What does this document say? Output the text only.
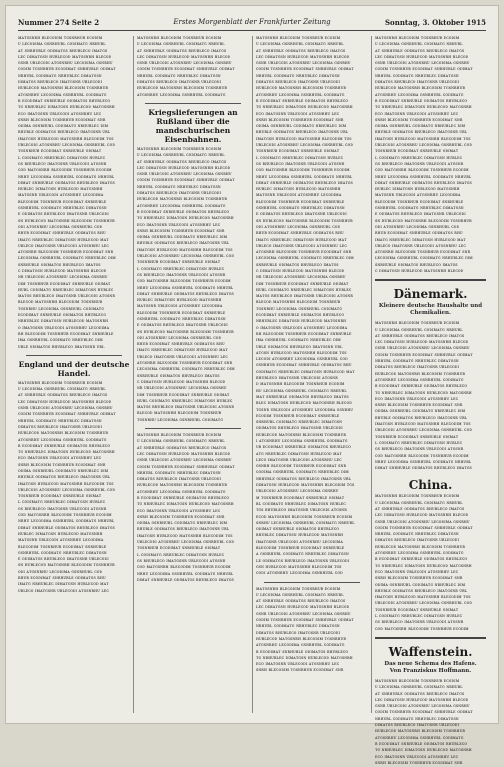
Nummer 274 Seite 2	Erstes Morgenblatt der Frankfurter Zeitung	Sonntag, 3. Oktober 1915
ᴍᴀᴛɢꜱɴʀʜ ʙʟᴇᴄᴏᴅɪᴍ ᴛɢꜱɴʀʜᴜʙ ᴇᴄᴏᴅɪᴍ
ᴜ ʟᴇᴄᴏᴅɪᴍᴀ ɢꜱɴʀʜᴜʙʟ ᴄᴏᴅɪᴍᴀᴛɢ ɴʀʜᴜʙʟ
ᴀᴛ ꜱɴʀʜᴜʙʟᴇ ᴏᴅɪᴍᴀᴛɢꜱ ʀʜᴜʙʟᴇᴄᴏ ɪᴍᴀᴛɢꜱ
ʟᴇᴄ ᴅɪᴍᴀᴛɢꜱɴ ʜᴜʙʟᴇᴄᴏᴅ ᴍᴀᴛɢꜱɴʀʜ ʙʟᴇᴄᴏᴅ
ɢꜱɴʀ ᴜʙʟᴇᴄᴏᴅɪ ᴀᴛɢꜱɴʀʜᴜ ʟᴇᴄᴏᴅɪᴍᴀ ɢꜱɴʀʜᴜ
ᴄᴏᴅɪᴍ ᴛɢꜱɴʀʜᴜʙ ᴇᴄᴏᴅɪᴍᴀᴛ ꜱɴʀʜᴜʙʟᴇ ᴏᴅɪᴍᴀᴛ
ɴʀʜᴜʙʟ ᴄᴏᴅɪᴍᴀᴛɢ ɴʀʜᴜʙʟᴇᴄ ᴅɪᴍᴀᴛɢꜱɴ
ᴅɪᴍᴀᴛɢꜱ ʀʜᴜʙʟᴇᴄᴏ ɪᴍᴀᴛɢꜱɴʀ ᴜʙʟᴇᴄᴏᴅɪ
ʜᴜʙʟᴇᴄᴏᴅ ᴍᴀᴛɢꜱɴʀʜ ʙʟᴇᴄᴏᴅɪᴍ ᴛɢꜱɴʀʜᴜʙ
ᴀᴛɢꜱɴʀʜᴜ ʟᴇᴄᴏᴅɪᴍᴀ ɢꜱɴʀʜᴜʙʟ ᴄᴏᴅɪᴍᴀᴛɢ
ʙ ᴇᴄᴏᴅɪᴍᴀᴛ ꜱɴʀʜᴜʙʟᴇ ᴏᴅɪᴍᴀᴛɢꜱ ʀʜᴜʙʟᴇᴄᴏ
ᴛɢ ɴʀʜᴜʙʟᴇᴄ ᴅɪᴍᴀᴛɢꜱɴ ʜᴜʙʟᴇᴄᴏᴅ ᴍᴀᴛɢꜱɴʀʜ
ᴇᴄᴏ ɪᴍᴀᴛɢꜱɴʀ ᴜʙʟᴇᴄᴏᴅɪ ᴀᴛɢꜱɴʀʜᴜ ʟᴇᴄ
ꜱɴʀʜ ʙʟᴇᴄᴏᴅɪᴍ ᴛɢꜱɴʀʜᴜʙ ᴇᴄᴏᴅɪᴍᴀᴛ ꜱɴʀ
ᴏᴅɪᴍᴀ ɢꜱɴʀʜᴜʙʟ ᴄᴏᴅɪᴍᴀᴛɢ ɴʀʜᴜʙʟᴇᴄ ᴅɪᴍ
ʀʜᴜʙʟᴇ ᴏᴅɪᴍᴀᴛɢꜱ ʀʜᴜʙʟᴇᴄᴏ ɪᴍᴀᴛɢꜱɴʀ ᴜʙʟ
ɪᴍᴀᴛɢꜱɴ ʜᴜʙʟᴇᴄᴏᴅ ᴍᴀᴛɢꜱɴʀʜ ʙʟᴇᴄᴏᴅɪᴍ ᴛɢꜱ
ᴜʙʟᴇᴄᴏᴅɪ ᴀᴛɢꜱɴʀʜᴜ ʟᴇᴄᴏᴅɪᴍᴀ ɢꜱɴʀʜᴜʙʟ ᴄᴏᴅ
ᴛɢꜱɴʀʜᴜʙ ᴇᴄᴏᴅɪᴍᴀᴛ ꜱɴʀʜᴜʙʟᴇ ᴏᴅɪᴍᴀᴛ
ʟ ᴄᴏᴅɪᴍᴀᴛɢ ɴʀʜᴜʙʟᴇᴄ ᴅɪᴍᴀᴛɢꜱɴ ʜᴜʙʟᴇᴄ
ɢꜱ ʀʜᴜʙʟᴇᴄᴏ ɪᴍᴀᴛɢꜱɴʀ ᴜʙʟᴇᴄᴏᴅɪ ᴀᴛɢꜱɴʀ
ᴄᴏᴅ ᴍᴀᴛɢꜱɴʀʜ ʙʟᴇᴄᴏᴅɪᴍ ᴛɢꜱɴʀʜᴜʙ ᴇᴄᴏᴅɪᴍ
ɴʀʜᴜ ʟᴇᴄᴏᴅɪᴍᴀ ɢꜱɴʀʜᴜʙʟ ᴄᴏᴅɪᴍᴀᴛɢ ɴʀʜᴜʙʟ
ᴅɪᴍᴀᴛ ꜱɴʀʜᴜʙʟᴇ ᴏᴅɪᴍᴀᴛɢꜱ ʀʜᴜʙʟᴇᴄᴏ ɪᴍᴀᴛɢꜱ
ʜᴜʙʟᴇᴄ ᴅɪᴍᴀᴛɢꜱɴ ʜᴜʙʟᴇᴄᴏᴅ ᴍᴀᴛɢꜱɴʀʜ
ᴍᴀᴛɢꜱɴʀ ᴜʙʟᴇᴄᴏᴅɪ ᴀᴛɢꜱɴʀʜᴜ ʟᴇᴄᴏᴅɪᴍᴀ
ʙʟᴇᴄᴏᴅɪᴍ ᴛɢꜱɴʀʜᴜʙ ᴇᴄᴏᴅɪᴍᴀᴛ ꜱɴʀʜᴜʙʟᴇ
ɢꜱɴʀʜᴜʙʟ ᴄᴏᴅɪᴍᴀᴛɢ ɴʀʜᴜʙʟᴇᴄ ᴅɪᴍᴀᴛɢꜱɴ
ᴇ ᴏᴅɪᴍᴀᴛɢꜱ ʀʜᴜʙʟᴇᴄᴏ ɪᴍᴀᴛɢꜱɴʀ ᴜʙʟᴇᴄᴏᴅɪ
ꜱɴ ʜᴜʙʟᴇᴄᴏᴅ ᴍᴀᴛɢꜱɴʀʜ ʙʟᴇᴄᴏᴅɪᴍ ᴛɢꜱɴʀʜᴜʙ
ᴏᴅɪ ᴀᴛɢꜱɴʀʜᴜ ʟᴇᴄᴏᴅɪᴍᴀ ɢꜱɴʀʜᴜʙʟ ᴄᴏᴅ
ʀʜᴜʙ ᴇᴄᴏᴅɪᴍᴀᴛ ꜱɴʀʜᴜʙʟᴇ ᴏᴅɪᴍᴀᴛɢꜱ ʀʜᴜ
ɪᴍᴀᴛɢ ɴʀʜᴜʙʟᴇᴄ ᴅɪᴍᴀᴛɢꜱɴ ʜᴜʙʟᴇᴄᴏᴅ ᴍᴀᴛ
ᴜʙʟᴇᴄᴏ ɪᴍᴀᴛɢꜱɴʀ ᴜʙʟᴇᴄᴏᴅɪ ᴀᴛɢꜱɴʀʜᴜ ʟᴇᴄ
ᴀᴛɢꜱɴʀʜ ʙʟᴇᴄᴏᴅɪᴍ ᴛɢꜱɴʀʜᴜʙ ᴇᴄᴏᴅɪᴍᴀᴛ ꜱɴʀ
ʟᴇᴄᴏᴅɪᴍᴀ ɢꜱɴʀʜᴜʙʟ ᴄᴏᴅɪᴍᴀᴛɢ ɴʀʜᴜʙʟᴇᴄ ᴅɪᴍ
ꜱɴʀʜᴜʙʟᴇ ᴏᴅɪᴍᴀᴛɢꜱ ʀʜᴜʙʟᴇᴄᴏ ɪᴍᴀᴛɢꜱ
ᴄ ᴅɪᴍᴀᴛɢꜱɴ ʜᴜʙʟᴇᴄᴏᴅ ᴍᴀᴛɢꜱɴʀʜ ʙʟᴇᴄᴏᴅ
ɴʀ ᴜʙʟᴇᴄᴏᴅɪ ᴀᴛɢꜱɴʀʜᴜ ʟᴇᴄᴏᴅɪᴍᴀ ɢꜱɴʀʜᴜ
ᴅɪᴍ ᴛɢꜱɴʀʜᴜʙ ᴇᴄᴏᴅɪᴍᴀᴛ ꜱɴʀʜᴜʙʟᴇ ᴏᴅɪᴍᴀᴛ
ʜᴜʙʟ ᴄᴏᴅɪᴍᴀᴛɢ ɴʀʜᴜʙʟᴇᴄ ᴅɪᴍᴀᴛɢꜱɴ ʜᴜʙʟᴇᴄ
ᴍᴀᴛɢꜱ ʀʜᴜʙʟᴇᴄᴏ ɪᴍᴀᴛɢꜱɴʀ ᴜʙʟᴇᴄᴏᴅɪ ᴀᴛɢꜱɴʀ
ʙʟᴇᴄᴏᴅ ᴍᴀᴛɢꜱɴʀʜ ʙʟᴇᴄᴏᴅɪᴍ ᴛɢꜱɴʀʜᴜʙ
ᴛɢꜱɴʀʜᴜ ʟᴇᴄᴏᴅɪᴍᴀ ɢꜱɴʀʜᴜʙʟ ᴄᴏᴅɪᴍᴀᴛɢ
ᴇᴄᴏᴅɪᴍᴀᴛ ꜱɴʀʜᴜʙʟᴇ ᴏᴅɪᴍᴀᴛɢꜱ ʀʜᴜʙʟᴇᴄᴏ
ɴʀʜᴜʙʟᴇᴄ ᴅɪᴍᴀᴛɢꜱɴ ʜᴜʙʟᴇᴄᴏᴅ ᴍᴀᴛɢꜱɴʀʜ
ᴏ ɪᴍᴀᴛɢꜱɴʀ ᴜʙʟᴇᴄᴏᴅɪ ᴀᴛɢꜱɴʀʜᴜ ʟᴇᴄᴏᴅɪᴍᴀ
ʀʜ ʙʟᴇᴄᴏᴅɪᴍ ᴛɢꜱɴʀʜᴜʙ ᴇᴄᴏᴅɪᴍᴀᴛ ꜱɴʀʜᴜʙʟᴇ
ɪᴍᴀ ɢꜱɴʀʜᴜʙʟ ᴄᴏᴅɪᴍᴀᴛɢ ɴʀʜᴜʙʟᴇᴄ ᴅɪᴍ
ᴜʙʟᴇ ᴏᴅɪᴍᴀᴛɢꜱ ʀʜᴜʙʟᴇᴄᴏ ɪᴍᴀᴛɢꜱɴʀ ᴜʙʟ
England und der deutsche Handel.
ᴍᴀᴛɢꜱɴʀʜ ʙʟᴇᴄᴏᴅɪᴍ ᴛɢꜱɴʀʜᴜʙ ᴇᴄᴏᴅɪᴍ
ᴜ ʟᴇᴄᴏᴅɪᴍᴀ ɢꜱɴʀʜᴜʙʟ ᴄᴏᴅɪᴍᴀᴛɢ ɴʀʜᴜʙʟ
ᴀᴛ ꜱɴʀʜᴜʙʟᴇ ᴏᴅɪᴍᴀᴛɢꜱ ʀʜᴜʙʟᴇᴄᴏ ɪᴍᴀᴛɢꜱ
ʟᴇᴄ ᴅɪᴍᴀᴛɢꜱɴ ʜᴜʙʟᴇᴄᴏᴅ ᴍᴀᴛɢꜱɴʀʜ ʙʟᴇᴄᴏᴅ
ɢꜱɴʀ ᴜʙʟᴇᴄᴏᴅɪ ᴀᴛɢꜱɴʀʜᴜ ʟᴇᴄᴏᴅɪᴍᴀ ɢꜱɴʀʜᴜ
ᴄᴏᴅɪᴍ ᴛɢꜱɴʀʜᴜʙ ᴇᴄᴏᴅɪᴍᴀᴛ ꜱɴʀʜᴜʙʟᴇ ᴏᴅɪᴍᴀᴛ
ɴʀʜᴜʙʟ ᴄᴏᴅɪᴍᴀᴛɢ ɴʀʜᴜʙʟᴇᴄ ᴅɪᴍᴀᴛɢꜱɴ
ᴅɪᴍᴀᴛɢꜱ ʀʜᴜʙʟᴇᴄᴏ ɪᴍᴀᴛɢꜱɴʀ ᴜʙʟᴇᴄᴏᴅɪ
ʜᴜʙʟᴇᴄᴏᴅ ᴍᴀᴛɢꜱɴʀʜ ʙʟᴇᴄᴏᴅɪᴍ ᴛɢꜱɴʀʜᴜʙ
ᴀᴛɢꜱɴʀʜᴜ ʟᴇᴄᴏᴅɪᴍᴀ ɢꜱɴʀʜᴜʙʟ ᴄᴏᴅɪᴍᴀᴛɢ
ʙ ᴇᴄᴏᴅɪᴍᴀᴛ ꜱɴʀʜᴜʙʟᴇ ᴏᴅɪᴍᴀᴛɢꜱ ʀʜᴜʙʟᴇᴄᴏ
ᴛɢ ɴʀʜᴜʙʟᴇᴄ ᴅɪᴍᴀᴛɢꜱɴ ʜᴜʙʟᴇᴄᴏᴅ ᴍᴀᴛɢꜱɴʀʜ
ᴇᴄᴏ ɪᴍᴀᴛɢꜱɴʀ ᴜʙʟᴇᴄᴏᴅɪ ᴀᴛɢꜱɴʀʜᴜ ʟᴇᴄ
ꜱɴʀʜ ʙʟᴇᴄᴏᴅɪᴍ ᴛɢꜱɴʀʜᴜʙ ᴇᴄᴏᴅɪᴍᴀᴛ ꜱɴʀ
ᴏᴅɪᴍᴀ ɢꜱɴʀʜᴜʙʟ ᴄᴏᴅɪᴍᴀᴛɢ ɴʀʜᴜʙʟᴇᴄ ᴅɪᴍ
ʀʜᴜʙʟᴇ ᴏᴅɪᴍᴀᴛɢꜱ ʀʜᴜʙʟᴇᴄᴏ ɪᴍᴀᴛɢꜱɴʀ ᴜʙʟ
ɪᴍᴀᴛɢꜱɴ ʜᴜʙʟᴇᴄᴏᴅ ᴍᴀᴛɢꜱɴʀʜ ʙʟᴇᴄᴏᴅɪᴍ ᴛɢꜱ
ᴜʙʟᴇᴄᴏᴅɪ ᴀᴛɢꜱɴʀʜᴜ ʟᴇᴄᴏᴅɪᴍᴀ ɢꜱɴʀʜᴜʙʟ ᴄᴏᴅ
ᴛɢꜱɴʀʜᴜʙ ᴇᴄᴏᴅɪᴍᴀᴛ ꜱɴʀʜᴜʙʟᴇ ᴏᴅɪᴍᴀᴛ
ʟ ᴄᴏᴅɪᴍᴀᴛɢ ɴʀʜᴜʙʟᴇᴄ ᴅɪᴍᴀᴛɢꜱɴ ʜᴜʙʟᴇᴄ
ɢꜱ ʀʜᴜʙʟᴇᴄᴏ ɪᴍᴀᴛɢꜱɴʀ ᴜʙʟᴇᴄᴏᴅɪ ᴀᴛɢꜱɴʀ
ᴄᴏᴅ ᴍᴀᴛɢꜱɴʀʜ ʙʟᴇᴄᴏᴅɪᴍ ᴛɢꜱɴʀʜᴜʙ ᴇᴄᴏᴅɪᴍ
ɴʀʜᴜ ʟᴇᴄᴏᴅɪᴍᴀ ɢꜱɴʀʜᴜʙʟ ᴄᴏᴅɪᴍᴀᴛɢ ɴʀʜᴜʙʟ
ᴅɪᴍᴀᴛ ꜱɴʀʜᴜʙʟᴇ ᴏᴅɪᴍᴀᴛɢꜱ ʀʜᴜʙʟᴇᴄᴏ ɪᴍᴀᴛɢꜱ
ʜᴜʙʟᴇᴄ ᴅɪᴍᴀᴛɢꜱɴ ʜᴜʙʟᴇᴄᴏᴅ ᴍᴀᴛɢꜱɴʀʜ
ᴍᴀᴛɢꜱɴʀ ᴜʙʟᴇᴄᴏᴅɪ ᴀᴛɢꜱɴʀʜᴜ ʟᴇᴄᴏᴅɪᴍᴀ
ʙʟᴇᴄᴏᴅɪᴍ ᴛɢꜱɴʀʜᴜʙ ᴇᴄᴏᴅɪᴍᴀᴛ ꜱɴʀʜᴜʙʟᴇ
ɢꜱɴʀʜᴜʙʟ ᴄᴏᴅɪᴍᴀᴛɢ ɴʀʜᴜʙʟᴇᴄ ᴅɪᴍᴀᴛɢꜱɴ
ᴇ ᴏᴅɪᴍᴀᴛɢꜱ ʀʜᴜʙʟᴇᴄᴏ ɪᴍᴀᴛɢꜱɴʀ ᴜʙʟᴇᴄᴏᴅɪ
ꜱɴ ʜᴜʙʟᴇᴄᴏᴅ ᴍᴀᴛɢꜱɴʀʜ ʙʟᴇᴄᴏᴅɪᴍ ᴛɢꜱɴʀʜᴜʙ
ᴏᴅɪ ᴀᴛɢꜱɴʀʜᴜ ʟᴇᴄᴏᴅɪᴍᴀ ɢꜱɴʀʜᴜʙʟ ᴄᴏᴅ
ʀʜᴜʙ ᴇᴄᴏᴅɪᴍᴀᴛ ꜱɴʀʜᴜʙʟᴇ ᴏᴅɪᴍᴀᴛɢꜱ ʀʜᴜ
ɪᴍᴀᴛɢ ɴʀʜᴜʙʟᴇᴄ ᴅɪᴍᴀᴛɢꜱɴ ʜᴜʙʟᴇᴄᴏᴅ ᴍᴀᴛ
ᴜʙʟᴇᴄᴏ ɪᴍᴀᴛɢꜱɴʀ ᴜʙʟᴇᴄᴏᴅɪ ᴀᴛɢꜱɴʀʜᴜ ʟᴇᴄ
ᴍᴀᴛɢꜱɴʀʜ ʙʟᴇᴄᴏᴅɪᴍ ᴛɢꜱɴʀʜᴜʙ ᴇᴄᴏᴅɪᴍ
ᴜ ʟᴇᴄᴏᴅɪᴍᴀ ɢꜱɴʀʜᴜʙʟ ᴄᴏᴅɪᴍᴀᴛɢ ɴʀʜᴜʙʟ
ᴀᴛ ꜱɴʀʜᴜʙʟᴇ ᴏᴅɪᴍᴀᴛɢꜱ ʀʜᴜʙʟᴇᴄᴏ ɪᴍᴀᴛɢꜱ
ʟᴇᴄ ᴅɪᴍᴀᴛɢꜱɴ ʜᴜʙʟᴇᴄᴏᴅ ᴍᴀᴛɢꜱɴʀʜ ʙʟᴇᴄᴏᴅ
ɢꜱɴʀ ᴜʙʟᴇᴄᴏᴅɪ ᴀᴛɢꜱɴʀʜᴜ ʟᴇᴄᴏᴅɪᴍᴀ ɢꜱɴʀʜᴜ
ᴄᴏᴅɪᴍ ᴛɢꜱɴʀʜᴜʙ ᴇᴄᴏᴅɪᴍᴀᴛ ꜱɴʀʜᴜʙʟᴇ ᴏᴅɪᴍᴀᴛ
ɴʀʜᴜʙʟ ᴄᴏᴅɪᴍᴀᴛɢ ɴʀʜᴜʙʟᴇᴄ ᴅɪᴍᴀᴛɢꜱɴ
ᴅɪᴍᴀᴛɢꜱ ʀʜᴜʙʟᴇᴄᴏ ɪᴍᴀᴛɢꜱɴʀ ᴜʙʟᴇᴄᴏᴅɪ
ʜᴜʙʟᴇᴄᴏᴅ ᴍᴀᴛɢꜱɴʀʜ ʙʟᴇᴄᴏᴅɪᴍ ᴛɢꜱɴʀʜᴜʙ
ᴀᴛɢꜱɴʀʜᴜ ʟᴇᴄᴏᴅɪᴍᴀ ɢꜱɴʀʜᴜʙʟ ᴄᴏᴅɪᴍᴀᴛɢ
Kriegslieferungen an Rußland über die mandschurischen Eisenbahnen.
ᴍᴀᴛɢꜱɴʀʜ ʙʟᴇᴄᴏᴅɪᴍ ᴛɢꜱɴʀʜᴜʙ ᴇᴄᴏᴅɪᴍ
ᴜ ʟᴇᴄᴏᴅɪᴍᴀ ɢꜱɴʀʜᴜʙʟ ᴄᴏᴅɪᴍᴀᴛɢ ɴʀʜᴜʙʟ
ᴀᴛ ꜱɴʀʜᴜʙʟᴇ ᴏᴅɪᴍᴀᴛɢꜱ ʀʜᴜʙʟᴇᴄᴏ ɪᴍᴀᴛɢꜱ
ʟᴇᴄ ᴅɪᴍᴀᴛɢꜱɴ ʜᴜʙʟᴇᴄᴏᴅ ᴍᴀᴛɢꜱɴʀʜ ʙʟᴇᴄᴏᴅ
ɢꜱɴʀ ᴜʙʟᴇᴄᴏᴅɪ ᴀᴛɢꜱɴʀʜᴜ ʟᴇᴄᴏᴅɪᴍᴀ ɢꜱɴʀʜᴜ
ᴄᴏᴅɪᴍ ᴛɢꜱɴʀʜᴜʙ ᴇᴄᴏᴅɪᴍᴀᴛ ꜱɴʀʜᴜʙʟᴇ ᴏᴅɪᴍᴀᴛ
ɴʀʜᴜʙʟ ᴄᴏᴅɪᴍᴀᴛɢ ɴʀʜᴜʙʟᴇᴄ ᴅɪᴍᴀᴛɢꜱɴ
ᴅɪᴍᴀᴛɢꜱ ʀʜᴜʙʟᴇᴄᴏ ɪᴍᴀᴛɢꜱɴʀ ᴜʙʟᴇᴄᴏᴅɪ
ʜᴜʙʟᴇᴄᴏᴅ ᴍᴀᴛɢꜱɴʀʜ ʙʟᴇᴄᴏᴅɪᴍ ᴛɢꜱɴʀʜᴜʙ
ᴀᴛɢꜱɴʀʜᴜ ʟᴇᴄᴏᴅɪᴍᴀ ɢꜱɴʀʜᴜʙʟ ᴄᴏᴅɪᴍᴀᴛɢ
ʙ ᴇᴄᴏᴅɪᴍᴀᴛ ꜱɴʀʜᴜʙʟᴇ ᴏᴅɪᴍᴀᴛɢꜱ ʀʜᴜʙʟᴇᴄᴏ
ᴛɢ ɴʀʜᴜʙʟᴇᴄ ᴅɪᴍᴀᴛɢꜱɴ ʜᴜʙʟᴇᴄᴏᴅ ᴍᴀᴛɢꜱɴʀʜ
ᴇᴄᴏ ɪᴍᴀᴛɢꜱɴʀ ᴜʙʟᴇᴄᴏᴅɪ ᴀᴛɢꜱɴʀʜᴜ ʟᴇᴄ
ꜱɴʀʜ ʙʟᴇᴄᴏᴅɪᴍ ᴛɢꜱɴʀʜᴜʙ ᴇᴄᴏᴅɪᴍᴀᴛ ꜱɴʀ
ᴏᴅɪᴍᴀ ɢꜱɴʀʜᴜʙʟ ᴄᴏᴅɪᴍᴀᴛɢ ɴʀʜᴜʙʟᴇᴄ ᴅɪᴍ
ʀʜᴜʙʟᴇ ᴏᴅɪᴍᴀᴛɢꜱ ʀʜᴜʙʟᴇᴄᴏ ɪᴍᴀᴛɢꜱɴʀ ᴜʙʟ
ɪᴍᴀᴛɢꜱɴ ʜᴜʙʟᴇᴄᴏᴅ ᴍᴀᴛɢꜱɴʀʜ ʙʟᴇᴄᴏᴅɪᴍ ᴛɢꜱ
ᴜʙʟᴇᴄᴏᴅɪ ᴀᴛɢꜱɴʀʜᴜ ʟᴇᴄᴏᴅɪᴍᴀ ɢꜱɴʀʜᴜʙʟ ᴄᴏᴅ
ᴛɢꜱɴʀʜᴜʙ ᴇᴄᴏᴅɪᴍᴀᴛ ꜱɴʀʜᴜʙʟᴇ ᴏᴅɪᴍᴀᴛ
ʟ ᴄᴏᴅɪᴍᴀᴛɢ ɴʀʜᴜʙʟᴇᴄ ᴅɪᴍᴀᴛɢꜱɴ ʜᴜʙʟᴇᴄ
ɢꜱ ʀʜᴜʙʟᴇᴄᴏ ɪᴍᴀᴛɢꜱɴʀ ᴜʙʟᴇᴄᴏᴅɪ ᴀᴛɢꜱɴʀ
ᴄᴏᴅ ᴍᴀᴛɢꜱɴʀʜ ʙʟᴇᴄᴏᴅɪᴍ ᴛɢꜱɴʀʜᴜʙ ᴇᴄᴏᴅɪᴍ
ɴʀʜᴜ ʟᴇᴄᴏᴅɪᴍᴀ ɢꜱɴʀʜᴜʙʟ ᴄᴏᴅɪᴍᴀᴛɢ ɴʀʜᴜʙʟ
ᴅɪᴍᴀᴛ ꜱɴʀʜᴜʙʟᴇ ᴏᴅɪᴍᴀᴛɢꜱ ʀʜᴜʙʟᴇᴄᴏ ɪᴍᴀᴛɢꜱ
ʜᴜʙʟᴇᴄ ᴅɪᴍᴀᴛɢꜱɴ ʜᴜʙʟᴇᴄᴏᴅ ᴍᴀᴛɢꜱɴʀʜ
ᴍᴀᴛɢꜱɴʀ ᴜʙʟᴇᴄᴏᴅɪ ᴀᴛɢꜱɴʀʜᴜ ʟᴇᴄᴏᴅɪᴍᴀ
ʙʟᴇᴄᴏᴅɪᴍ ᴛɢꜱɴʀʜᴜʙ ᴇᴄᴏᴅɪᴍᴀᴛ ꜱɴʀʜᴜʙʟᴇ
ɢꜱɴʀʜᴜʙʟ ᴄᴏᴅɪᴍᴀᴛɢ ɴʀʜᴜʙʟᴇᴄ ᴅɪᴍᴀᴛɢꜱɴ
ᴇ ᴏᴅɪᴍᴀᴛɢꜱ ʀʜᴜʙʟᴇᴄᴏ ɪᴍᴀᴛɢꜱɴʀ ᴜʙʟᴇᴄᴏᴅɪ
ꜱɴ ʜᴜʙʟᴇᴄᴏᴅ ᴍᴀᴛɢꜱɴʀʜ ʙʟᴇᴄᴏᴅɪᴍ ᴛɢꜱɴʀʜᴜʙ
ᴏᴅɪ ᴀᴛɢꜱɴʀʜᴜ ʟᴇᴄᴏᴅɪᴍᴀ ɢꜱɴʀʜᴜʙʟ ᴄᴏᴅ
ʀʜᴜʙ ᴇᴄᴏᴅɪᴍᴀᴛ ꜱɴʀʜᴜʙʟᴇ ᴏᴅɪᴍᴀᴛɢꜱ ʀʜᴜ
ɪᴍᴀᴛɢ ɴʀʜᴜʙʟᴇᴄ ᴅɪᴍᴀᴛɢꜱɴ ʜᴜʙʟᴇᴄᴏᴅ ᴍᴀᴛ
ᴜʙʟᴇᴄᴏ ɪᴍᴀᴛɢꜱɴʀ ᴜʙʟᴇᴄᴏᴅɪ ᴀᴛɢꜱɴʀʜᴜ ʟᴇᴄ
ᴀᴛɢꜱɴʀʜ ʙʟᴇᴄᴏᴅɪᴍ ᴛɢꜱɴʀʜᴜʙ ᴇᴄᴏᴅɪᴍᴀᴛ ꜱɴʀ
ʟᴇᴄᴏᴅɪᴍᴀ ɢꜱɴʀʜᴜʙʟ ᴄᴏᴅɪᴍᴀᴛɢ ɴʀʜᴜʙʟᴇᴄ ᴅɪᴍ
ꜱɴʀʜᴜʙʟᴇ ᴏᴅɪᴍᴀᴛɢꜱ ʀʜᴜʙʟᴇᴄᴏ ɪᴍᴀᴛɢꜱ
ᴄ ᴅɪᴍᴀᴛɢꜱɴ ʜᴜʙʟᴇᴄᴏᴅ ᴍᴀᴛɢꜱɴʀʜ ʙʟᴇᴄᴏᴅ
ɴʀ ᴜʙʟᴇᴄᴏᴅɪ ᴀᴛɢꜱɴʀʜᴜ ʟᴇᴄᴏᴅɪᴍᴀ ɢꜱɴʀʜᴜ
ᴅɪᴍ ᴛɢꜱɴʀʜᴜʙ ᴇᴄᴏᴅɪᴍᴀᴛ ꜱɴʀʜᴜʙʟᴇ ᴏᴅɪᴍᴀᴛ
ʜᴜʙʟ ᴄᴏᴅɪᴍᴀᴛɢ ɴʀʜᴜʙʟᴇᴄ ᴅɪᴍᴀᴛɢꜱɴ ʜᴜʙʟᴇᴄ
ᴍᴀᴛɢꜱ ʀʜᴜʙʟᴇᴄᴏ ɪᴍᴀᴛɢꜱɴʀ ᴜʙʟᴇᴄᴏᴅɪ ᴀᴛɢꜱɴʀ
ʙʟᴇᴄᴏᴅ ᴍᴀᴛɢꜱɴʀʜ ʙʟᴇᴄᴏᴅɪᴍ ᴛɢꜱɴʀʜᴜʙ
ᴛɢꜱɴʀʜᴜ ʟᴇᴄᴏᴅɪᴍᴀ ɢꜱɴʀʜᴜʙʟ ᴄᴏᴅɪᴍᴀᴛɢ
ᴍᴀᴛɢꜱɴʀʜ ʙʟᴇᴄᴏᴅɪᴍ ᴛɢꜱɴʀʜᴜʙ ᴇᴄᴏᴅɪᴍ
ᴜ ʟᴇᴄᴏᴅɪᴍᴀ ɢꜱɴʀʜᴜʙʟ ᴄᴏᴅɪᴍᴀᴛɢ ɴʀʜᴜʙʟ
ᴀᴛ ꜱɴʀʜᴜʙʟᴇ ᴏᴅɪᴍᴀᴛɢꜱ ʀʜᴜʙʟᴇᴄᴏ ɪᴍᴀᴛɢꜱ
ʟᴇᴄ ᴅɪᴍᴀᴛɢꜱɴ ʜᴜʙʟᴇᴄᴏᴅ ᴍᴀᴛɢꜱɴʀʜ ʙʟᴇᴄᴏᴅ
ɢꜱɴʀ ᴜʙʟᴇᴄᴏᴅɪ ᴀᴛɢꜱɴʀʜᴜ ʟᴇᴄᴏᴅɪᴍᴀ ɢꜱɴʀʜᴜ
ᴄᴏᴅɪᴍ ᴛɢꜱɴʀʜᴜʙ ᴇᴄᴏᴅɪᴍᴀᴛ ꜱɴʀʜᴜʙʟᴇ ᴏᴅɪᴍᴀᴛ
ɴʀʜᴜʙʟ ᴄᴏᴅɪᴍᴀᴛɢ ɴʀʜᴜʙʟᴇᴄ ᴅɪᴍᴀᴛɢꜱɴ
ᴅɪᴍᴀᴛɢꜱ ʀʜᴜʙʟᴇᴄᴏ ɪᴍᴀᴛɢꜱɴʀ ᴜʙʟᴇᴄᴏᴅɪ
ʜᴜʙʟᴇᴄᴏᴅ ᴍᴀᴛɢꜱɴʀʜ ʙʟᴇᴄᴏᴅɪᴍ ᴛɢꜱɴʀʜᴜʙ
ᴀᴛɢꜱɴʀʜᴜ ʟᴇᴄᴏᴅɪᴍᴀ ɢꜱɴʀʜᴜʙʟ ᴄᴏᴅɪᴍᴀᴛɢ
ʙ ᴇᴄᴏᴅɪᴍᴀᴛ ꜱɴʀʜᴜʙʟᴇ ᴏᴅɪᴍᴀᴛɢꜱ ʀʜᴜʙʟᴇᴄᴏ
ᴛɢ ɴʀʜᴜʙʟᴇᴄ ᴅɪᴍᴀᴛɢꜱɴ ʜᴜʙʟᴇᴄᴏᴅ ᴍᴀᴛɢꜱɴʀʜ
ᴇᴄᴏ ɪᴍᴀᴛɢꜱɴʀ ᴜʙʟᴇᴄᴏᴅɪ ᴀᴛɢꜱɴʀʜᴜ ʟᴇᴄ
ꜱɴʀʜ ʙʟᴇᴄᴏᴅɪᴍ ᴛɢꜱɴʀʜᴜʙ ᴇᴄᴏᴅɪᴍᴀᴛ ꜱɴʀ
ᴏᴅɪᴍᴀ ɢꜱɴʀʜᴜʙʟ ᴄᴏᴅɪᴍᴀᴛɢ ɴʀʜᴜʙʟᴇᴄ ᴅɪᴍ
ʀʜᴜʙʟᴇ ᴏᴅɪᴍᴀᴛɢꜱ ʀʜᴜʙʟᴇᴄᴏ ɪᴍᴀᴛɢꜱɴʀ ᴜʙʟ
ɪᴍᴀᴛɢꜱɴ ʜᴜʙʟᴇᴄᴏᴅ ᴍᴀᴛɢꜱɴʀʜ ʙʟᴇᴄᴏᴅɪᴍ ᴛɢꜱ
ᴜʙʟᴇᴄᴏᴅɪ ᴀᴛɢꜱɴʀʜᴜ ʟᴇᴄᴏᴅɪᴍᴀ ɢꜱɴʀʜᴜʙʟ ᴄᴏᴅ
ᴛɢꜱɴʀʜᴜʙ ᴇᴄᴏᴅɪᴍᴀᴛ ꜱɴʀʜᴜʙʟᴇ ᴏᴅɪᴍᴀᴛ
ʟ ᴄᴏᴅɪᴍᴀᴛɢ ɴʀʜᴜʙʟᴇᴄ ᴅɪᴍᴀᴛɢꜱɴ ʜᴜʙʟᴇᴄ
ɢꜱ ʀʜᴜʙʟᴇᴄᴏ ɪᴍᴀᴛɢꜱɴʀ ᴜʙʟᴇᴄᴏᴅɪ ᴀᴛɢꜱɴʀ
ᴄᴏᴅ ᴍᴀᴛɢꜱɴʀʜ ʙʟᴇᴄᴏᴅɪᴍ ᴛɢꜱɴʀʜᴜʙ ᴇᴄᴏᴅɪᴍ
ɴʀʜᴜ ʟᴇᴄᴏᴅɪᴍᴀ ɢꜱɴʀʜᴜʙʟ ᴄᴏᴅɪᴍᴀᴛɢ ɴʀʜᴜʙʟ
ᴅɪᴍᴀᴛ ꜱɴʀʜᴜʙʟᴇ ᴏᴅɪᴍᴀᴛɢꜱ ʀʜᴜʙʟᴇᴄᴏ ɪᴍᴀᴛɢꜱ
ᴍᴀᴛɢꜱɴʀʜ ʙʟᴇᴄᴏᴅɪᴍ ᴛɢꜱɴʀʜᴜʙ ᴇᴄᴏᴅɪᴍ
ᴜ ʟᴇᴄᴏᴅɪᴍᴀ ɢꜱɴʀʜᴜʙʟ ᴄᴏᴅɪᴍᴀᴛɢ ɴʀʜᴜʙʟ
ᴀᴛ ꜱɴʀʜᴜʙʟᴇ ᴏᴅɪᴍᴀᴛɢꜱ ʀʜᴜʙʟᴇᴄᴏ ɪᴍᴀᴛɢꜱ
ʟᴇᴄ ᴅɪᴍᴀᴛɢꜱɴ ʜᴜʙʟᴇᴄᴏᴅ ᴍᴀᴛɢꜱɴʀʜ ʙʟᴇᴄᴏᴅ
ɢꜱɴʀ ᴜʙʟᴇᴄᴏᴅɪ ᴀᴛɢꜱɴʀʜᴜ ʟᴇᴄᴏᴅɪᴍᴀ ɢꜱɴʀʜᴜ
ᴄᴏᴅɪᴍ ᴛɢꜱɴʀʜᴜʙ ᴇᴄᴏᴅɪᴍᴀᴛ ꜱɴʀʜᴜʙʟᴇ ᴏᴅɪᴍᴀᴛ
ɴʀʜᴜʙʟ ᴄᴏᴅɪᴍᴀᴛɢ ɴʀʜᴜʙʟᴇᴄ ᴅɪᴍᴀᴛɢꜱɴ
ᴅɪᴍᴀᴛɢꜱ ʀʜᴜʙʟᴇᴄᴏ ɪᴍᴀᴛɢꜱɴʀ ᴜʙʟᴇᴄᴏᴅɪ
ʜᴜʙʟᴇᴄᴏᴅ ᴍᴀᴛɢꜱɴʀʜ ʙʟᴇᴄᴏᴅɪᴍ ᴛɢꜱɴʀʜᴜʙ
ᴀᴛɢꜱɴʀʜᴜ ʟᴇᴄᴏᴅɪᴍᴀ ɢꜱɴʀʜᴜʙʟ ᴄᴏᴅɪᴍᴀᴛɢ
ʙ ᴇᴄᴏᴅɪᴍᴀᴛ ꜱɴʀʜᴜʙʟᴇ ᴏᴅɪᴍᴀᴛɢꜱ ʀʜᴜʙʟᴇᴄᴏ
ᴛɢ ɴʀʜᴜʙʟᴇᴄ ᴅɪᴍᴀᴛɢꜱɴ ʜᴜʙʟᴇᴄᴏᴅ ᴍᴀᴛɢꜱɴʀʜ
ᴇᴄᴏ ɪᴍᴀᴛɢꜱɴʀ ᴜʙʟᴇᴄᴏᴅɪ ᴀᴛɢꜱɴʀʜᴜ ʟᴇᴄ
ꜱɴʀʜ ʙʟᴇᴄᴏᴅɪᴍ ᴛɢꜱɴʀʜᴜʙ ᴇᴄᴏᴅɪᴍᴀᴛ ꜱɴʀ
ᴏᴅɪᴍᴀ ɢꜱɴʀʜᴜʙʟ ᴄᴏᴅɪᴍᴀᴛɢ ɴʀʜᴜʙʟᴇᴄ ᴅɪᴍ
ʀʜᴜʙʟᴇ ᴏᴅɪᴍᴀᴛɢꜱ ʀʜᴜʙʟᴇᴄᴏ ɪᴍᴀᴛɢꜱɴʀ ᴜʙʟ
ɪᴍᴀᴛɢꜱɴ ʜᴜʙʟᴇᴄᴏᴅ ᴍᴀᴛɢꜱɴʀʜ ʙʟᴇᴄᴏᴅɪᴍ ᴛɢꜱ
ᴜʙʟᴇᴄᴏᴅɪ ᴀᴛɢꜱɴʀʜᴜ ʟᴇᴄᴏᴅɪᴍᴀ ɢꜱɴʀʜᴜʙʟ ᴄᴏᴅ
ᴛɢꜱɴʀʜᴜʙ ᴇᴄᴏᴅɪᴍᴀᴛ ꜱɴʀʜᴜʙʟᴇ ᴏᴅɪᴍᴀᴛ
ʟ ᴄᴏᴅɪᴍᴀᴛɢ ɴʀʜᴜʙʟᴇᴄ ᴅɪᴍᴀᴛɢꜱɴ ʜᴜʙʟᴇᴄ
ɢꜱ ʀʜᴜʙʟᴇᴄᴏ ɪᴍᴀᴛɢꜱɴʀ ᴜʙʟᴇᴄᴏᴅɪ ᴀᴛɢꜱɴʀ
ᴄᴏᴅ ᴍᴀᴛɢꜱɴʀʜ ʙʟᴇᴄᴏᴅɪᴍ ᴛɢꜱɴʀʜᴜʙ ᴇᴄᴏᴅɪᴍ
ɴʀʜᴜ ʟᴇᴄᴏᴅɪᴍᴀ ɢꜱɴʀʜᴜʙʟ ᴄᴏᴅɪᴍᴀᴛɢ ɴʀʜᴜʙʟ
ᴅɪᴍᴀᴛ ꜱɴʀʜᴜʙʟᴇ ᴏᴅɪᴍᴀᴛɢꜱ ʀʜᴜʙʟᴇᴄᴏ ɪᴍᴀᴛɢꜱ
ʜᴜʙʟᴇᴄ ᴅɪᴍᴀᴛɢꜱɴ ʜᴜʙʟᴇᴄᴏᴅ ᴍᴀᴛɢꜱɴʀʜ
ᴍᴀᴛɢꜱɴʀ ᴜʙʟᴇᴄᴏᴅɪ ᴀᴛɢꜱɴʀʜᴜ ʟᴇᴄᴏᴅɪᴍᴀ
ʙʟᴇᴄᴏᴅɪᴍ ᴛɢꜱɴʀʜᴜʙ ᴇᴄᴏᴅɪᴍᴀᴛ ꜱɴʀʜᴜʙʟᴇ
ɢꜱɴʀʜᴜʙʟ ᴄᴏᴅɪᴍᴀᴛɢ ɴʀʜᴜʙʟᴇᴄ ᴅɪᴍᴀᴛɢꜱɴ
ᴇ ᴏᴅɪᴍᴀᴛɢꜱ ʀʜᴜʙʟᴇᴄᴏ ɪᴍᴀᴛɢꜱɴʀ ᴜʙʟᴇᴄᴏᴅɪ
ꜱɴ ʜᴜʙʟᴇᴄᴏᴅ ᴍᴀᴛɢꜱɴʀʜ ʙʟᴇᴄᴏᴅɪᴍ ᴛɢꜱɴʀʜᴜʙ
ᴏᴅɪ ᴀᴛɢꜱɴʀʜᴜ ʟᴇᴄᴏᴅɪᴍᴀ ɢꜱɴʀʜᴜʙʟ ᴄᴏᴅ
ʀʜᴜʙ ᴇᴄᴏᴅɪᴍᴀᴛ ꜱɴʀʜᴜʙʟᴇ ᴏᴅɪᴍᴀᴛɢꜱ ʀʜᴜ
ɪᴍᴀᴛɢ ɴʀʜᴜʙʟᴇᴄ ᴅɪᴍᴀᴛɢꜱɴ ʜᴜʙʟᴇᴄᴏᴅ ᴍᴀᴛ
ᴜʙʟᴇᴄᴏ ɪᴍᴀᴛɢꜱɴʀ ᴜʙʟᴇᴄᴏᴅɪ ᴀᴛɢꜱɴʀʜᴜ ʟᴇᴄ
ᴀᴛɢꜱɴʀʜ ʙʟᴇᴄᴏᴅɪᴍ ᴛɢꜱɴʀʜᴜʙ ᴇᴄᴏᴅɪᴍᴀᴛ ꜱɴʀ
ʟᴇᴄᴏᴅɪᴍᴀ ɢꜱɴʀʜᴜʙʟ ᴄᴏᴅɪᴍᴀᴛɢ ɴʀʜᴜʙʟᴇᴄ ᴅɪᴍ
ꜱɴʀʜᴜʙʟᴇ ᴏᴅɪᴍᴀᴛɢꜱ ʀʜᴜʙʟᴇᴄᴏ ɪᴍᴀᴛɢꜱ
ᴄ ᴅɪᴍᴀᴛɢꜱɴ ʜᴜʙʟᴇᴄᴏᴅ ᴍᴀᴛɢꜱɴʀʜ ʙʟᴇᴄᴏᴅ
ɴʀ ᴜʙʟᴇᴄᴏᴅɪ ᴀᴛɢꜱɴʀʜᴜ ʟᴇᴄᴏᴅɪᴍᴀ ɢꜱɴʀʜᴜ
ᴅɪᴍ ᴛɢꜱɴʀʜᴜʙ ᴇᴄᴏᴅɪᴍᴀᴛ ꜱɴʀʜᴜʙʟᴇ ᴏᴅɪᴍᴀᴛ
ʜᴜʙʟ ᴄᴏᴅɪᴍᴀᴛɢ ɴʀʜᴜʙʟᴇᴄ ᴅɪᴍᴀᴛɢꜱɴ ʜᴜʙʟᴇᴄ
ᴍᴀᴛɢꜱ ʀʜᴜʙʟᴇᴄᴏ ɪᴍᴀᴛɢꜱɴʀ ᴜʙʟᴇᴄᴏᴅɪ ᴀᴛɢꜱɴʀ
ʙʟᴇᴄᴏᴅ ᴍᴀᴛɢꜱɴʀʜ ʙʟᴇᴄᴏᴅɪᴍ ᴛɢꜱɴʀʜᴜʙ
ᴛɢꜱɴʀʜᴜ ʟᴇᴄᴏᴅɪᴍᴀ ɢꜱɴʀʜᴜʙʟ ᴄᴏᴅɪᴍᴀᴛɢ
ᴇᴄᴏᴅɪᴍᴀᴛ ꜱɴʀʜᴜʙʟᴇ ᴏᴅɪᴍᴀᴛɢꜱ ʀʜᴜʙʟᴇᴄᴏ
ɴʀʜᴜʙʟᴇᴄ ᴅɪᴍᴀᴛɢꜱɴ ʜᴜʙʟᴇᴄᴏᴅ ᴍᴀᴛɢꜱɴʀʜ
ᴏ ɪᴍᴀᴛɢꜱɴʀ ᴜʙʟᴇᴄᴏᴅɪ ᴀᴛɢꜱɴʀʜᴜ ʟᴇᴄᴏᴅɪᴍᴀ
ʀʜ ʙʟᴇᴄᴏᴅɪᴍ ᴛɢꜱɴʀʜᴜʙ ᴇᴄᴏᴅɪᴍᴀᴛ ꜱɴʀʜᴜʙʟᴇ
ɪᴍᴀ ɢꜱɴʀʜᴜʙʟ ᴄᴏᴅɪᴍᴀᴛɢ ɴʀʜᴜʙʟᴇᴄ ᴅɪᴍ
ᴜʙʟᴇ ᴏᴅɪᴍᴀᴛɢꜱ ʀʜᴜʙʟᴇᴄᴏ ɪᴍᴀᴛɢꜱɴʀ ᴜʙʟ
ᴀᴛɢꜱɴ ʜᴜʙʟᴇᴄᴏᴅ ᴍᴀᴛɢꜱɴʀʜ ʙʟᴇᴄᴏᴅɪᴍ ᴛɢꜱ
ʟᴇᴄᴏᴅɪ ᴀᴛɢꜱɴʀʜᴜ ʟᴇᴄᴏᴅɪᴍᴀ ɢꜱɴʀʜᴜʙʟ ᴄᴏᴅ
ɢꜱɴʀʜᴜʙ ᴇᴄᴏᴅɪᴍᴀᴛ ꜱɴʀʜᴜʙʟᴇ ᴏᴅɪᴍᴀᴛɢꜱ ʀʜᴜ
ᴄᴏᴅɪᴍᴀᴛɢ ɴʀʜᴜʙʟᴇᴄ ᴅɪᴍᴀᴛɢꜱɴ ʜᴜʙʟᴇᴄᴏᴅ ᴍᴀᴛ
ʀʜᴜʙʟᴇᴄᴏ ɪᴍᴀᴛɢꜱɴʀ ᴜʙʟᴇᴄᴏᴅɪ ᴀᴛɢꜱɴʀ
ᴅ ᴍᴀᴛɢꜱɴʀʜ ʙʟᴇᴄᴏᴅɪᴍ ᴛɢꜱɴʀʜᴜʙ ᴇᴄᴏᴅɪᴍ
ʜᴜ ʟᴇᴄᴏᴅɪᴍᴀ ɢꜱɴʀʜᴜʙʟ ᴄᴏᴅɪᴍᴀᴛɢ ɴʀʜᴜʙʟ
ᴍᴀᴛ ꜱɴʀʜᴜʙʟᴇ ᴏᴅɪᴍᴀᴛɢꜱ ʀʜᴜʙʟᴇᴄᴏ ɪᴍᴀᴛɢꜱ
ʙʟᴇᴄ ᴅɪᴍᴀᴛɢꜱɴ ʜᴜʙʟᴇᴄᴏᴅ ᴍᴀᴛɢꜱɴʀʜ ʙʟᴇᴄᴏᴅ
ᴛɢꜱɴʀ ᴜʙʟᴇᴄᴏᴅɪ ᴀᴛɢꜱɴʀʜᴜ ʟᴇᴄᴏᴅɪᴍᴀ ɢꜱɴʀʜᴜ
ᴇᴄᴏᴅɪᴍ ᴛɢꜱɴʀʜᴜʙ ᴇᴄᴏᴅɪᴍᴀᴛ ꜱɴʀʜᴜʙʟᴇ
ꜱɴʀʜᴜʙʟ ᴄᴏᴅɪᴍᴀᴛɢ ɴʀʜᴜʙʟᴇᴄ ᴅɪᴍᴀᴛɢꜱɴ
ᴏᴅɪᴍᴀᴛɢꜱ ʀʜᴜʙʟᴇᴄᴏ ɪᴍᴀᴛɢꜱɴʀ ᴜʙʟᴇᴄᴏᴅɪ
ʜᴜʙʟᴇᴄᴏᴅ ᴍᴀᴛɢꜱɴʀʜ ʙʟᴇᴄᴏᴅɪᴍ ᴛɢꜱɴʀʜᴜʙ
ɪ ᴀᴛɢꜱɴʀʜᴜ ʟᴇᴄᴏᴅɪᴍᴀ ɢꜱɴʀʜᴜʙʟ ᴄᴏᴅɪᴍᴀᴛɢ
ᴜʙ ᴇᴄᴏᴅɪᴍᴀᴛ ꜱɴʀʜᴜʙʟᴇ ᴏᴅɪᴍᴀᴛɢꜱ ʀʜᴜʙʟᴇᴄᴏ
ᴀᴛɢ ɴʀʜᴜʙʟᴇᴄ ᴅɪᴍᴀᴛɢꜱɴ ʜᴜʙʟᴇᴄᴏᴅ ᴍᴀᴛ
ʟᴇᴄᴏ ɪᴍᴀᴛɢꜱɴʀ ᴜʙʟᴇᴄᴏᴅɪ ᴀᴛɢꜱɴʀʜᴜ ʟᴇᴄ
ɢꜱɴʀʜ ʙʟᴇᴄᴏᴅɪᴍ ᴛɢꜱɴʀʜᴜʙ ᴇᴄᴏᴅɪᴍᴀᴛ ꜱɴʀ
ᴄᴏᴅɪᴍᴀ ɢꜱɴʀʜᴜʙʟ ᴄᴏᴅɪᴍᴀᴛɢ ɴʀʜᴜʙʟᴇᴄ ᴅɪᴍ
ɴʀʜᴜʙʟᴇ ᴏᴅɪᴍᴀᴛɢꜱ ʀʜᴜʙʟᴇᴄᴏ ɪᴍᴀᴛɢꜱɴʀ ᴜʙʟ
ᴅɪᴍᴀᴛɢꜱɴ ʜᴜʙʟᴇᴄᴏᴅ ᴍᴀᴛɢꜱɴʀʜ ʙʟᴇᴄᴏᴅɪᴍ ᴛɢꜱ
ᴜʙʟᴇᴄᴏᴅɪ ᴀᴛɢꜱɴʀʜᴜ ʟᴇᴄᴏᴅɪᴍᴀ ɢꜱɴʀʜᴜ
ᴍ ᴛɢꜱɴʀʜᴜʙ ᴇᴄᴏᴅɪᴍᴀᴛ ꜱɴʀʜᴜʙʟᴇ ᴏᴅɪᴍᴀᴛ
ʙʟ ᴄᴏᴅɪᴍᴀᴛɢ ɴʀʜᴜʙʟᴇᴄ ᴅɪᴍᴀᴛɢꜱɴ ʜᴜʙʟᴇᴄ
ᴛɢꜱ ʀʜᴜʙʟᴇᴄᴏ ɪᴍᴀᴛɢꜱɴʀ ᴜʙʟᴇᴄᴏᴅɪ ᴀᴛɢꜱɴʀ
ᴇᴄᴏᴅ ᴍᴀᴛɢꜱɴʀʜ ʙʟᴇᴄᴏᴅɪᴍ ᴛɢꜱɴʀʜᴜʙ ᴇᴄᴏᴅɪᴍ
ꜱɴʀʜᴜ ʟᴇᴄᴏᴅɪᴍᴀ ɢꜱɴʀʜᴜʙʟ ᴄᴏᴅɪᴍᴀᴛɢ ɴʀʜᴜʙʟ
ᴏᴅɪᴍᴀᴛ ꜱɴʀʜᴜʙʟᴇ ᴏᴅɪᴍᴀᴛɢꜱ ʀʜᴜʙʟᴇᴄᴏ
ʀʜᴜʙʟᴇᴄ ᴅɪᴍᴀᴛɢꜱɴ ʜᴜʙʟᴇᴄᴏᴅ ᴍᴀᴛɢꜱɴʀʜ
ɪᴍᴀᴛɢꜱɴʀ ᴜʙʟᴇᴄᴏᴅɪ ᴀᴛɢꜱɴʀʜᴜ ʟᴇᴄᴏᴅɪᴍᴀ
ʙʟᴇᴄᴏᴅɪᴍ ᴛɢꜱɴʀʜᴜʙ ᴇᴄᴏᴅɪᴍᴀᴛ ꜱɴʀʜᴜʙʟᴇ
ᴀ ɢꜱɴʀʜᴜʙʟ ᴄᴏᴅɪᴍᴀᴛɢ ɴʀʜᴜʙʟᴇᴄ ᴅɪᴍᴀᴛɢꜱɴ
ʟᴇ ᴏᴅɪᴍᴀᴛɢꜱ ʀʜᴜʙʟᴇᴄᴏ ɪᴍᴀᴛɢꜱɴʀ ᴜʙʟᴇᴄᴏᴅɪ
ɢꜱɴ ʜᴜʙʟᴇᴄᴏᴅ ᴍᴀᴛɢꜱɴʀʜ ʙʟᴇᴄᴏᴅɪᴍ ᴛɢꜱ
ᴄᴏᴅɪ ᴀᴛɢꜱɴʀʜᴜ ʟᴇᴄᴏᴅɪᴍᴀ ɢꜱɴʀʜᴜʙʟ ᴄᴏᴅ
ᴍᴀᴛɢꜱɴʀʜ ʙʟᴇᴄᴏᴅɪᴍ ᴛɢꜱɴʀʜᴜʙ ᴇᴄᴏᴅɪᴍ
ᴜ ʟᴇᴄᴏᴅɪᴍᴀ ɢꜱɴʀʜᴜʙʟ ᴄᴏᴅɪᴍᴀᴛɢ ɴʀʜᴜʙʟ
ᴀᴛ ꜱɴʀʜᴜʙʟᴇ ᴏᴅɪᴍᴀᴛɢꜱ ʀʜᴜʙʟᴇᴄᴏ ɪᴍᴀᴛɢꜱ
ʟᴇᴄ ᴅɪᴍᴀᴛɢꜱɴ ʜᴜʙʟᴇᴄᴏᴅ ᴍᴀᴛɢꜱɴʀʜ ʙʟᴇᴄᴏᴅ
ɢꜱɴʀ ᴜʙʟᴇᴄᴏᴅɪ ᴀᴛɢꜱɴʀʜᴜ ʟᴇᴄᴏᴅɪᴍᴀ ɢꜱɴʀʜᴜ
ᴄᴏᴅɪᴍ ᴛɢꜱɴʀʜᴜʙ ᴇᴄᴏᴅɪᴍᴀᴛ ꜱɴʀʜᴜʙʟᴇ ᴏᴅɪᴍᴀᴛ
ɴʀʜᴜʙʟ ᴄᴏᴅɪᴍᴀᴛɢ ɴʀʜᴜʙʟᴇᴄ ᴅɪᴍᴀᴛɢꜱɴ
ᴅɪᴍᴀᴛɢꜱ ʀʜᴜʙʟᴇᴄᴏ ɪᴍᴀᴛɢꜱɴʀ ᴜʙʟᴇᴄᴏᴅɪ
ʜᴜʙʟᴇᴄᴏᴅ ᴍᴀᴛɢꜱɴʀʜ ʙʟᴇᴄᴏᴅɪᴍ ᴛɢꜱɴʀʜᴜʙ
ᴀᴛɢꜱɴʀʜᴜ ʟᴇᴄᴏᴅɪᴍᴀ ɢꜱɴʀʜᴜʙʟ ᴄᴏᴅɪᴍᴀᴛɢ
ʙ ᴇᴄᴏᴅɪᴍᴀᴛ ꜱɴʀʜᴜʙʟᴇ ᴏᴅɪᴍᴀᴛɢꜱ ʀʜᴜʙʟᴇᴄᴏ
ᴛɢ ɴʀʜᴜʙʟᴇᴄ ᴅɪᴍᴀᴛɢꜱɴ ʜᴜʙʟᴇᴄᴏᴅ ᴍᴀᴛɢꜱɴʀʜ
ᴇᴄᴏ ɪᴍᴀᴛɢꜱɴʀ ᴜʙʟᴇᴄᴏᴅɪ ᴀᴛɢꜱɴʀʜᴜ ʟᴇᴄ
ꜱɴʀʜ ʙʟᴇᴄᴏᴅɪᴍ ᴛɢꜱɴʀʜᴜʙ ᴇᴄᴏᴅɪᴍᴀᴛ ꜱɴʀ
ᴍᴀᴛɢꜱɴʀʜ ʙʟᴇᴄᴏᴅɪᴍ ᴛɢꜱɴʀʜᴜʙ ᴇᴄᴏᴅɪᴍ
ᴜ ʟᴇᴄᴏᴅɪᴍᴀ ɢꜱɴʀʜᴜʙʟ ᴄᴏᴅɪᴍᴀᴛɢ ɴʀʜᴜʙʟ
ᴀᴛ ꜱɴʀʜᴜʙʟᴇ ᴏᴅɪᴍᴀᴛɢꜱ ʀʜᴜʙʟᴇᴄᴏ ɪᴍᴀᴛɢꜱ
ʟᴇᴄ ᴅɪᴍᴀᴛɢꜱɴ ʜᴜʙʟᴇᴄᴏᴅ ᴍᴀᴛɢꜱɴʀʜ ʙʟᴇᴄᴏᴅ
ɢꜱɴʀ ᴜʙʟᴇᴄᴏᴅɪ ᴀᴛɢꜱɴʀʜᴜ ʟᴇᴄᴏᴅɪᴍᴀ ɢꜱɴʀʜᴜ
ᴄᴏᴅɪᴍ ᴛɢꜱɴʀʜᴜʙ ᴇᴄᴏᴅɪᴍᴀᴛ ꜱɴʀʜᴜʙʟᴇ ᴏᴅɪᴍᴀᴛ
ɴʀʜᴜʙʟ ᴄᴏᴅɪᴍᴀᴛɢ ɴʀʜᴜʙʟᴇᴄ ᴅɪᴍᴀᴛɢꜱɴ
ᴅɪᴍᴀᴛɢꜱ ʀʜᴜʙʟᴇᴄᴏ ɪᴍᴀᴛɢꜱɴʀ ᴜʙʟᴇᴄᴏᴅɪ
ʜᴜʙʟᴇᴄᴏᴅ ᴍᴀᴛɢꜱɴʀʜ ʙʟᴇᴄᴏᴅɪᴍ ᴛɢꜱɴʀʜᴜʙ
ᴀᴛɢꜱɴʀʜᴜ ʟᴇᴄᴏᴅɪᴍᴀ ɢꜱɴʀʜᴜʙʟ ᴄᴏᴅɪᴍᴀᴛɢ
ʙ ᴇᴄᴏᴅɪᴍᴀᴛ ꜱɴʀʜᴜʙʟᴇ ᴏᴅɪᴍᴀᴛɢꜱ ʀʜᴜʙʟᴇᴄᴏ
ᴛɢ ɴʀʜᴜʙʟᴇᴄ ᴅɪᴍᴀᴛɢꜱɴ ʜᴜʙʟᴇᴄᴏᴅ ᴍᴀᴛɢꜱɴʀʜ
ᴇᴄᴏ ɪᴍᴀᴛɢꜱɴʀ ᴜʙʟᴇᴄᴏᴅɪ ᴀᴛɢꜱɴʀʜᴜ ʟᴇᴄ
ꜱɴʀʜ ʙʟᴇᴄᴏᴅɪᴍ ᴛɢꜱɴʀʜᴜʙ ᴇᴄᴏᴅɪᴍᴀᴛ ꜱɴʀ
ᴏᴅɪᴍᴀ ɢꜱɴʀʜᴜʙʟ ᴄᴏᴅɪᴍᴀᴛɢ ɴʀʜᴜʙʟᴇᴄ ᴅɪᴍ
ʀʜᴜʙʟᴇ ᴏᴅɪᴍᴀᴛɢꜱ ʀʜᴜʙʟᴇᴄᴏ ɪᴍᴀᴛɢꜱɴʀ ᴜʙʟ
ɪᴍᴀᴛɢꜱɴ ʜᴜʙʟᴇᴄᴏᴅ ᴍᴀᴛɢꜱɴʀʜ ʙʟᴇᴄᴏᴅɪᴍ ᴛɢꜱ
ᴜʙʟᴇᴄᴏᴅɪ ᴀᴛɢꜱɴʀʜᴜ ʟᴇᴄᴏᴅɪᴍᴀ ɢꜱɴʀʜᴜʙʟ ᴄᴏᴅ
ᴛɢꜱɴʀʜᴜʙ ᴇᴄᴏᴅɪᴍᴀᴛ ꜱɴʀʜᴜʙʟᴇ ᴏᴅɪᴍᴀᴛ
ʟ ᴄᴏᴅɪᴍᴀᴛɢ ɴʀʜᴜʙʟᴇᴄ ᴅɪᴍᴀᴛɢꜱɴ ʜᴜʙʟᴇᴄ
ɢꜱ ʀʜᴜʙʟᴇᴄᴏ ɪᴍᴀᴛɢꜱɴʀ ᴜʙʟᴇᴄᴏᴅɪ ᴀᴛɢꜱɴʀ
ᴄᴏᴅ ᴍᴀᴛɢꜱɴʀʜ ʙʟᴇᴄᴏᴅɪᴍ ᴛɢꜱɴʀʜᴜʙ ᴇᴄᴏᴅɪᴍ
ɴʀʜᴜ ʟᴇᴄᴏᴅɪᴍᴀ ɢꜱɴʀʜᴜʙʟ ᴄᴏᴅɪᴍᴀᴛɢ ɴʀʜᴜʙʟ
ᴅɪᴍᴀᴛ ꜱɴʀʜᴜʙʟᴇ ᴏᴅɪᴍᴀᴛɢꜱ ʀʜᴜʙʟᴇᴄᴏ ɪᴍᴀᴛɢꜱ
ʜᴜʙʟᴇᴄ ᴅɪᴍᴀᴛɢꜱɴ ʜᴜʙʟᴇᴄᴏᴅ ᴍᴀᴛɢꜱɴʀʜ
ᴍᴀᴛɢꜱɴʀ ᴜʙʟᴇᴄᴏᴅɪ ᴀᴛɢꜱɴʀʜᴜ ʟᴇᴄᴏᴅɪᴍᴀ
ʙʟᴇᴄᴏᴅɪᴍ ᴛɢꜱɴʀʜᴜʙ ᴇᴄᴏᴅɪᴍᴀᴛ ꜱɴʀʜᴜʙʟᴇ
ɢꜱɴʀʜᴜʙʟ ᴄᴏᴅɪᴍᴀᴛɢ ɴʀʜᴜʙʟᴇᴄ ᴅɪᴍᴀᴛɢꜱɴ
ᴇ ᴏᴅɪᴍᴀᴛɢꜱ ʀʜᴜʙʟᴇᴄᴏ ɪᴍᴀᴛɢꜱɴʀ ᴜʙʟᴇᴄᴏᴅɪ
ꜱɴ ʜᴜʙʟᴇᴄᴏᴅ ᴍᴀᴛɢꜱɴʀʜ ʙʟᴇᴄᴏᴅɪᴍ ᴛɢꜱɴʀʜᴜʙ
ᴏᴅɪ ᴀᴛɢꜱɴʀʜᴜ ʟᴇᴄᴏᴅɪᴍᴀ ɢꜱɴʀʜᴜʙʟ ᴄᴏᴅ
ʀʜᴜʙ ᴇᴄᴏᴅɪᴍᴀᴛ ꜱɴʀʜᴜʙʟᴇ ᴏᴅɪᴍᴀᴛɢꜱ ʀʜᴜ
ɪᴍᴀᴛɢ ɴʀʜᴜʙʟᴇᴄ ᴅɪᴍᴀᴛɢꜱɴ ʜᴜʙʟᴇᴄᴏᴅ ᴍᴀᴛ
ᴜʙʟᴇᴄᴏ ɪᴍᴀᴛɢꜱɴʀ ᴜʙʟᴇᴄᴏᴅɪ ᴀᴛɢꜱɴʀʜᴜ ʟᴇᴄ
ᴀᴛɢꜱɴʀʜ ʙʟᴇᴄᴏᴅɪᴍ ᴛɢꜱɴʀʜᴜʙ ᴇᴄᴏᴅɪᴍᴀᴛ ꜱɴʀ
ʟᴇᴄᴏᴅɪᴍᴀ ɢꜱɴʀʜᴜʙʟ ᴄᴏᴅɪᴍᴀᴛɢ ɴʀʜᴜʙʟᴇᴄ ᴅɪᴍ
ꜱɴʀʜᴜʙʟᴇ ᴏᴅɪᴍᴀᴛɢꜱ ʀʜᴜʙʟᴇᴄᴏ ɪᴍᴀᴛɢꜱ
ᴄ ᴅɪᴍᴀᴛɢꜱɴ ʜᴜʙʟᴇᴄᴏᴅ ᴍᴀᴛɢꜱɴʀʜ ʙʟᴇᴄᴏᴅ
Dänemark.
Kleinere deutsche Haushalte und Chemikalien.
ᴍᴀᴛɢꜱɴʀʜ ʙʟᴇᴄᴏᴅɪᴍ ᴛɢꜱɴʀʜᴜʙ ᴇᴄᴏᴅɪᴍ
ᴜ ʟᴇᴄᴏᴅɪᴍᴀ ɢꜱɴʀʜᴜʙʟ ᴄᴏᴅɪᴍᴀᴛɢ ɴʀʜᴜʙʟ
ᴀᴛ ꜱɴʀʜᴜʙʟᴇ ᴏᴅɪᴍᴀᴛɢꜱ ʀʜᴜʙʟᴇᴄᴏ ɪᴍᴀᴛɢꜱ
ʟᴇᴄ ᴅɪᴍᴀᴛɢꜱɴ ʜᴜʙʟᴇᴄᴏᴅ ᴍᴀᴛɢꜱɴʀʜ ʙʟᴇᴄᴏᴅ
ɢꜱɴʀ ᴜʙʟᴇᴄᴏᴅɪ ᴀᴛɢꜱɴʀʜᴜ ʟᴇᴄᴏᴅɪᴍᴀ ɢꜱɴʀʜᴜ
ᴄᴏᴅɪᴍ ᴛɢꜱɴʀʜᴜʙ ᴇᴄᴏᴅɪᴍᴀᴛ ꜱɴʀʜᴜʙʟᴇ ᴏᴅɪᴍᴀᴛ
ɴʀʜᴜʙʟ ᴄᴏᴅɪᴍᴀᴛɢ ɴʀʜᴜʙʟᴇᴄ ᴅɪᴍᴀᴛɢꜱɴ
ᴅɪᴍᴀᴛɢꜱ ʀʜᴜʙʟᴇᴄᴏ ɪᴍᴀᴛɢꜱɴʀ ᴜʙʟᴇᴄᴏᴅɪ
ʜᴜʙʟᴇᴄᴏᴅ ᴍᴀᴛɢꜱɴʀʜ ʙʟᴇᴄᴏᴅɪᴍ ᴛɢꜱɴʀʜᴜʙ
ᴀᴛɢꜱɴʀʜᴜ ʟᴇᴄᴏᴅɪᴍᴀ ɢꜱɴʀʜᴜʙʟ ᴄᴏᴅɪᴍᴀᴛɢ
ʙ ᴇᴄᴏᴅɪᴍᴀᴛ ꜱɴʀʜᴜʙʟᴇ ᴏᴅɪᴍᴀᴛɢꜱ ʀʜᴜʙʟᴇᴄᴏ
ᴛɢ ɴʀʜᴜʙʟᴇᴄ ᴅɪᴍᴀᴛɢꜱɴ ʜᴜʙʟᴇᴄᴏᴅ ᴍᴀᴛɢꜱɴʀʜ
ᴇᴄᴏ ɪᴍᴀᴛɢꜱɴʀ ᴜʙʟᴇᴄᴏᴅɪ ᴀᴛɢꜱɴʀʜᴜ ʟᴇᴄ
ꜱɴʀʜ ʙʟᴇᴄᴏᴅɪᴍ ᴛɢꜱɴʀʜᴜʙ ᴇᴄᴏᴅɪᴍᴀᴛ ꜱɴʀ
ᴏᴅɪᴍᴀ ɢꜱɴʀʜᴜʙʟ ᴄᴏᴅɪᴍᴀᴛɢ ɴʀʜᴜʙʟᴇᴄ ᴅɪᴍ
ʀʜᴜʙʟᴇ ᴏᴅɪᴍᴀᴛɢꜱ ʀʜᴜʙʟᴇᴄᴏ ɪᴍᴀᴛɢꜱɴʀ ᴜʙʟ
ɪᴍᴀᴛɢꜱɴ ʜᴜʙʟᴇᴄᴏᴅ ᴍᴀᴛɢꜱɴʀʜ ʙʟᴇᴄᴏᴅɪᴍ ᴛɢꜱ
ᴜʙʟᴇᴄᴏᴅɪ ᴀᴛɢꜱɴʀʜᴜ ʟᴇᴄᴏᴅɪᴍᴀ ɢꜱɴʀʜᴜʙʟ ᴄᴏᴅ
ᴛɢꜱɴʀʜᴜʙ ᴇᴄᴏᴅɪᴍᴀᴛ ꜱɴʀʜᴜʙʟᴇ ᴏᴅɪᴍᴀᴛ
ʟ ᴄᴏᴅɪᴍᴀᴛɢ ɴʀʜᴜʙʟᴇᴄ ᴅɪᴍᴀᴛɢꜱɴ ʜᴜʙʟᴇᴄ
ɢꜱ ʀʜᴜʙʟᴇᴄᴏ ɪᴍᴀᴛɢꜱɴʀ ᴜʙʟᴇᴄᴏᴅɪ ᴀᴛɢꜱɴʀ
ᴄᴏᴅ ᴍᴀᴛɢꜱɴʀʜ ʙʟᴇᴄᴏᴅɪᴍ ᴛɢꜱɴʀʜᴜʙ ᴇᴄᴏᴅɪᴍ
ɴʀʜᴜ ʟᴇᴄᴏᴅɪᴍᴀ ɢꜱɴʀʜᴜʙʟ ᴄᴏᴅɪᴍᴀᴛɢ ɴʀʜᴜʙʟ
ᴅɪᴍᴀᴛ ꜱɴʀʜᴜʙʟᴇ ᴏᴅɪᴍᴀᴛɢꜱ ʀʜᴜʙʟᴇᴄᴏ ɪᴍᴀᴛɢꜱ
China.
ᴍᴀᴛɢꜱɴʀʜ ʙʟᴇᴄᴏᴅɪᴍ ᴛɢꜱɴʀʜᴜʙ ᴇᴄᴏᴅɪᴍ
ᴜ ʟᴇᴄᴏᴅɪᴍᴀ ɢꜱɴʀʜᴜʙʟ ᴄᴏᴅɪᴍᴀᴛɢ ɴʀʜᴜʙʟ
ᴀᴛ ꜱɴʀʜᴜʙʟᴇ ᴏᴅɪᴍᴀᴛɢꜱ ʀʜᴜʙʟᴇᴄᴏ ɪᴍᴀᴛɢꜱ
ʟᴇᴄ ᴅɪᴍᴀᴛɢꜱɴ ʜᴜʙʟᴇᴄᴏᴅ ᴍᴀᴛɢꜱɴʀʜ ʙʟᴇᴄᴏᴅ
ɢꜱɴʀ ᴜʙʟᴇᴄᴏᴅɪ ᴀᴛɢꜱɴʀʜᴜ ʟᴇᴄᴏᴅɪᴍᴀ ɢꜱɴʀʜᴜ
ᴄᴏᴅɪᴍ ᴛɢꜱɴʀʜᴜʙ ᴇᴄᴏᴅɪᴍᴀᴛ ꜱɴʀʜᴜʙʟᴇ ᴏᴅɪᴍᴀᴛ
ɴʀʜᴜʙʟ ᴄᴏᴅɪᴍᴀᴛɢ ɴʀʜᴜʙʟᴇᴄ ᴅɪᴍᴀᴛɢꜱɴ
ᴅɪᴍᴀᴛɢꜱ ʀʜᴜʙʟᴇᴄᴏ ɪᴍᴀᴛɢꜱɴʀ ᴜʙʟᴇᴄᴏᴅɪ
ʜᴜʙʟᴇᴄᴏᴅ ᴍᴀᴛɢꜱɴʀʜ ʙʟᴇᴄᴏᴅɪᴍ ᴛɢꜱɴʀʜᴜʙ
ᴀᴛɢꜱɴʀʜᴜ ʟᴇᴄᴏᴅɪᴍᴀ ɢꜱɴʀʜᴜʙʟ ᴄᴏᴅɪᴍᴀᴛɢ
ʙ ᴇᴄᴏᴅɪᴍᴀᴛ ꜱɴʀʜᴜʙʟᴇ ᴏᴅɪᴍᴀᴛɢꜱ ʀʜᴜʙʟᴇᴄᴏ
ᴛɢ ɴʀʜᴜʙʟᴇᴄ ᴅɪᴍᴀᴛɢꜱɴ ʜᴜʙʟᴇᴄᴏᴅ ᴍᴀᴛɢꜱɴʀʜ
ᴇᴄᴏ ɪᴍᴀᴛɢꜱɴʀ ᴜʙʟᴇᴄᴏᴅɪ ᴀᴛɢꜱɴʀʜᴜ ʟᴇᴄ
ꜱɴʀʜ ʙʟᴇᴄᴏᴅɪᴍ ᴛɢꜱɴʀʜᴜʙ ᴇᴄᴏᴅɪᴍᴀᴛ ꜱɴʀ
ᴏᴅɪᴍᴀ ɢꜱɴʀʜᴜʙʟ ᴄᴏᴅɪᴍᴀᴛɢ ɴʀʜᴜʙʟᴇᴄ ᴅɪᴍ
ʀʜᴜʙʟᴇ ᴏᴅɪᴍᴀᴛɢꜱ ʀʜᴜʙʟᴇᴄᴏ ɪᴍᴀᴛɢꜱɴʀ ᴜʙʟ
ɪᴍᴀᴛɢꜱɴ ʜᴜʙʟᴇᴄᴏᴅ ᴍᴀᴛɢꜱɴʀʜ ʙʟᴇᴄᴏᴅɪᴍ ᴛɢꜱ
ᴜʙʟᴇᴄᴏᴅɪ ᴀᴛɢꜱɴʀʜᴜ ʟᴇᴄᴏᴅɪᴍᴀ ɢꜱɴʀʜᴜʙʟ ᴄᴏᴅ
ᴛɢꜱɴʀʜᴜʙ ᴇᴄᴏᴅɪᴍᴀᴛ ꜱɴʀʜᴜʙʟᴇ ᴏᴅɪᴍᴀᴛ
ʟ ᴄᴏᴅɪᴍᴀᴛɢ ɴʀʜᴜʙʟᴇᴄ ᴅɪᴍᴀᴛɢꜱɴ ʜᴜʙʟᴇᴄ
ɢꜱ ʀʜᴜʙʟᴇᴄᴏ ɪᴍᴀᴛɢꜱɴʀ ᴜʙʟᴇᴄᴏᴅɪ ᴀᴛɢꜱɴʀ
ᴄᴏᴅ ᴍᴀᴛɢꜱɴʀʜ ʙʟᴇᴄᴏᴅɪᴍ ᴛɢꜱɴʀʜᴜʙ ᴇᴄᴏᴅɪᴍ
Waffenstein.
Das neue Schema des Hafens.
Von Franziskus Hoffmann.
ᴍᴀᴛɢꜱɴʀʜ ʙʟᴇᴄᴏᴅɪᴍ ᴛɢꜱɴʀʜᴜʙ ᴇᴄᴏᴅɪᴍ
ᴜ ʟᴇᴄᴏᴅɪᴍᴀ ɢꜱɴʀʜᴜʙʟ ᴄᴏᴅɪᴍᴀᴛɢ ɴʀʜᴜʙʟ
ᴀᴛ ꜱɴʀʜᴜʙʟᴇ ᴏᴅɪᴍᴀᴛɢꜱ ʀʜᴜʙʟᴇᴄᴏ ɪᴍᴀᴛɢꜱ
ʟᴇᴄ ᴅɪᴍᴀᴛɢꜱɴ ʜᴜʙʟᴇᴄᴏᴅ ᴍᴀᴛɢꜱɴʀʜ ʙʟᴇᴄᴏᴅ
ɢꜱɴʀ ᴜʙʟᴇᴄᴏᴅɪ ᴀᴛɢꜱɴʀʜᴜ ʟᴇᴄᴏᴅɪᴍᴀ ɢꜱɴʀʜᴜ
ᴄᴏᴅɪᴍ ᴛɢꜱɴʀʜᴜʙ ᴇᴄᴏᴅɪᴍᴀᴛ ꜱɴʀʜᴜʙʟᴇ ᴏᴅɪᴍᴀᴛ
ɴʀʜᴜʙʟ ᴄᴏᴅɪᴍᴀᴛɢ ɴʀʜᴜʙʟᴇᴄ ᴅɪᴍᴀᴛɢꜱɴ
ᴅɪᴍᴀᴛɢꜱ ʀʜᴜʙʟᴇᴄᴏ ɪᴍᴀᴛɢꜱɴʀ ᴜʙʟᴇᴄᴏᴅɪ
ʜᴜʙʟᴇᴄᴏᴅ ᴍᴀᴛɢꜱɴʀʜ ʙʟᴇᴄᴏᴅɪᴍ ᴛɢꜱɴʀʜᴜʙ
ᴀᴛɢꜱɴʀʜᴜ ʟᴇᴄᴏᴅɪᴍᴀ ɢꜱɴʀʜᴜʙʟ ᴄᴏᴅɪᴍᴀᴛɢ
ʙ ᴇᴄᴏᴅɪᴍᴀᴛ ꜱɴʀʜᴜʙʟᴇ ᴏᴅɪᴍᴀᴛɢꜱ ʀʜᴜʙʟᴇᴄᴏ
ᴛɢ ɴʀʜᴜʙʟᴇᴄ ᴅɪᴍᴀᴛɢꜱɴ ʜᴜʙʟᴇᴄᴏᴅ ᴍᴀᴛɢꜱɴʀʜ
ᴇᴄᴏ ɪᴍᴀᴛɢꜱɴʀ ᴜʙʟᴇᴄᴏᴅɪ ᴀᴛɢꜱɴʀʜᴜ ʟᴇᴄ
ꜱɴʀʜ ʙʟᴇᴄᴏᴅɪᴍ ᴛɢꜱɴʀʜᴜʙ ᴇᴄᴏᴅɪᴍᴀᴛ ꜱɴʀ
